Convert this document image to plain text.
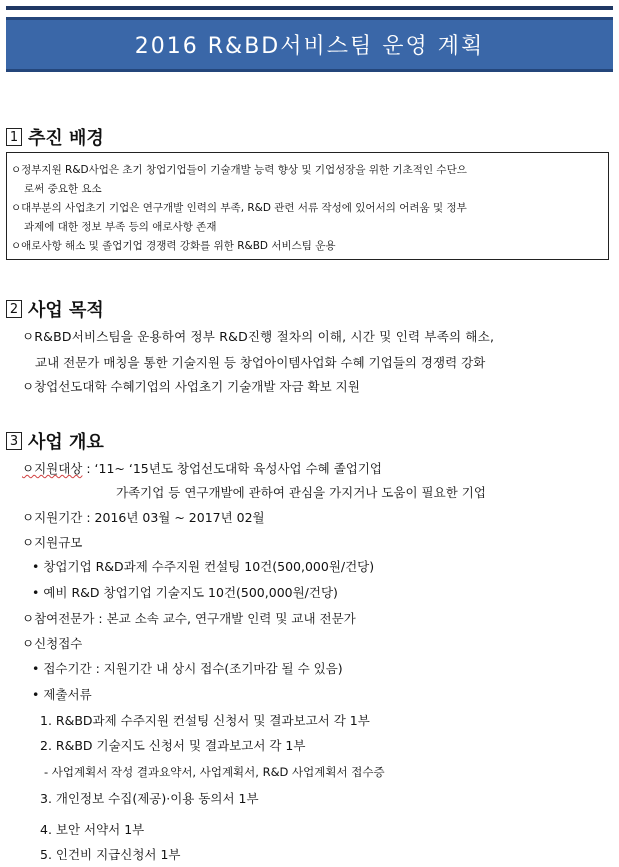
2016 R&BD서비스팀 운영 계획
1 추진 배경
ㅇ정부지원 R&D사업은 초기 창업기업들이 기술개발 능력 향상 및 기업성장을 위한 기초적인 수단으
로써 중요한 요소
ㅇ대부분의 사업초기 기업은 연구개발 인력의 부족, R&D 관련 서류 작성에 있어서의 어려움 및 정부
과제에 대한 정보 부족 등의 애로사항 존재
ㅇ애로사항 해소 및 졸업기업 경쟁력 강화를 위한 R&BD 서비스팀 운용
2 사업 목적
ㅇR&BD서비스팀을 운용하여 정부 R&D진행 절차의 이해, 시간 및 인력 부족의 해소,
교내 전문가 매칭을 통한 기술지원 등 창업아이템사업화 수혜 기업들의 경쟁력 강화
ㅇ창업선도대학 수혜기업의 사업초기 기술개발 자금 확보 지원
3 사업 개요
ㅇ지원대상 : ‘11~ ‘15년도 창업선도대학 육성사업 수혜 졸업기업
가족기업 등 연구개발에 관하여 관심을 가지거나 도움이 필요한 기업
ㅇ지원기간 : 2016년 03월 ~ 2017년 02월
ㅇ지원규모
• 창업기업 R&D과제 수주지원 컨설팅 10건(500,000원/건당)
• 예비 R&D 창업기업 기술지도 10건(500,000원/건당)
ㅇ참여전문가 : 본교 소속 교수, 연구개발 인력 및 교내 전문가
ㅇ신청접수
• 접수기간 : 지원기간 내 상시 접수(조기마감 될 수 있음)
• 제출서류
1. R&BD과제 수주지원 컨설팅 신청서 및 결과보고서 각 1부
2. R&BD 기술지도 신청서 및 결과보고서 각 1부
- 사업계획서 작성 결과요약서, 사업계획서, R&D 사업계획서 접수증
3. 개인정보 수집(제공)·이용 동의서 1부
4. 보안 서약서 1부
5. 인건비 지급신청서 1부
